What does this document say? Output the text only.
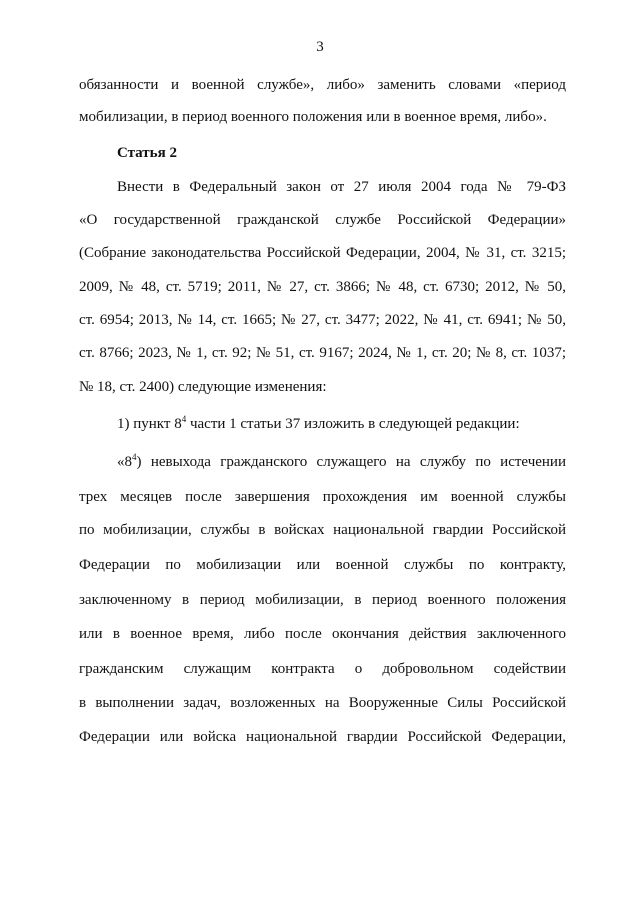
3
обязанности и военной службе», либо» заменить словами «период
мобилизации, в период военного положения или в военное время, либо».
Статья 2
Внести в Федеральный закон от 27 июля 2004 года № 79-ФЗ
«О государственной гражданской службе Российской Федерации»
(Собрание законодательства Российской Федерации, 2004, № 31, ст. 3215;
2009, № 48, ст. 5719; 2011, № 27, ст. 3866; № 48, ст. 6730; 2012, № 50,
ст. 6954; 2013, № 14, ст. 1665; № 27, ст. 3477; 2022, № 41, ст. 6941; № 50,
ст. 8766; 2023, № 1, ст. 92; № 51, ст. 9167; 2024, № 1, ст. 20; № 8, ст. 1037;
№ 18, ст. 2400) следующие изменения:
1) пункт $8^4$ части 1 статьи 37 изложить в следующей редакции:
«$8^4$) невыхода гражданского служащего на службу по истечении
трех месяцев после завершения прохождения им военной службы
по мобилизации, службы в войсках национальной гвардии Российской
Федерации по мобилизации или военной службы по контракту,
заключенному в период мобилизации, в период военного положения
или в военное время, либо после окончания действия заключенного
гражданским служащим контракта о добровольном содействии
в выполнении задач, возложенных на Вооруженные Силы Российской
Федерации или войска национальной гвардии Российской Федерации,
